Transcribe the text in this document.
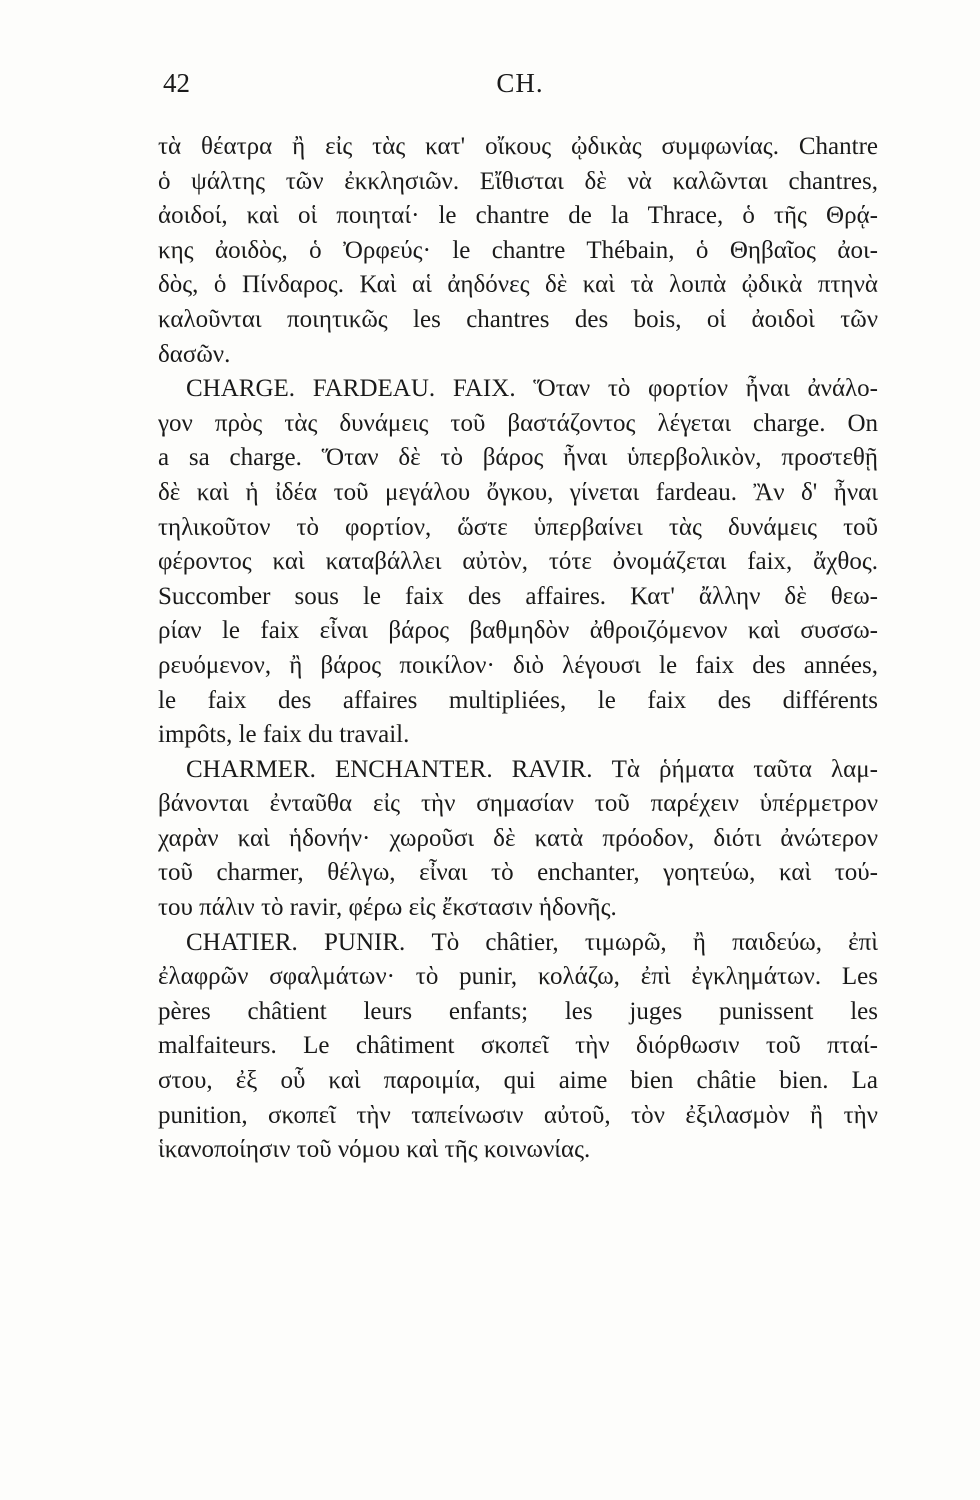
42	CH.
τὰ θέατρα ἢ εἰς τὰς κατ' οἴκους ᾠδικὰς συμφωνίας. Chantre
ὁ ψάλτης τῶν ἐκκλησιῶν. Εἴθισται δὲ νὰ καλῶνται chantres,
ἀοιδοί, καὶ οἱ ποιηταί· le chantre de la Thrace, ὁ τῆς Θρᾴ-
κης ἀοιδὸς, ὁ Ὀρφεύς· le chantre Thébain, ὁ Θηβαῖος ἀοι-
δὸς, ὁ Πίνδαρος. Καὶ αἱ ἀηδόνες δὲ καὶ τὰ λοιπὰ ᾠδικὰ πτηνὰ
καλοῦνται ποιητικῶς les chantres des bois, οἱ ἀοιδοὶ τῶν
δασῶν.
CHARGE. FARDEAU. FAIX. Ὅταν τὸ φορτίον ἦναι ἀνάλο-
γον πρὸς τὰς δυνάμεις τοῦ βαστάζοντος λέγεται charge. On
a sa charge. Ὅταν δὲ τὸ βάρος ἦναι ὑπερβολικὸν, προστεθῇ
δὲ καὶ ἡ ἰδέα τοῦ μεγάλου ὄγκου, γίνεται fardeau. Ἂν δ' ἦναι
τηλικοῦτον τὸ φορτίον, ὥστε ὑπερβαίνει τὰς δυνάμεις τοῦ
φέροντος καὶ καταβάλλει αὐτὸν, τότε ὀνομάζεται faix, ἄχθος.
Succomber sous le faix des affaires. Κατ' ἄλλην δὲ θεω-
ρίαν le faix εἶναι βάρος βαθμηδὸν ἀθροιζόμενον καὶ συσσω-
ρευόμενον, ἢ βάρος ποικίλον· διὸ λέγουσι le faix des années,
le faix des affaires multipliées, le faix des différents
impôts, le faix du travail.
CHARMER. ENCHANTER. RAVIR. Τὰ ῥήματα ταῦτα λαμ-
βάνονται ἐνταῦθα εἰς τὴν σημασίαν τοῦ παρέχειν ὑπέρμετρον
χαρὰν καὶ ἡδονήν· χωροῦσι δὲ κατὰ πρόοδον, διότι ἀνώτερον
τοῦ charmer, θέλγω, εἶναι τὸ enchanter, γοητεύω, καὶ τού-
του πάλιν τὸ ravir, φέρω εἰς ἔκστασιν ἡδονῆς.
CHATIER. PUNIR. Τὸ châtier, τιμωρῶ, ἢ παιδεύω, ἐπὶ
ἐλαφρῶν σφαλμάτων· τὸ punir, κολάζω, ἐπὶ ἐγκλημάτων. Les
pères châtient leurs enfants; les juges punissent les
malfaiteurs. Le châtiment σκοπεῖ τὴν διόρθωσιν τοῦ πταί-
στου, ἐξ οὗ καὶ παροιμία, qui aime bien châtie bien. La
punition, σκοπεῖ τὴν ταπείνωσιν αὐτοῦ, τὸν ἐξιλασμὸν ἢ τὴν
ἱκανοποίησιν τοῦ νόμου καὶ τῆς κοινωνίας.
